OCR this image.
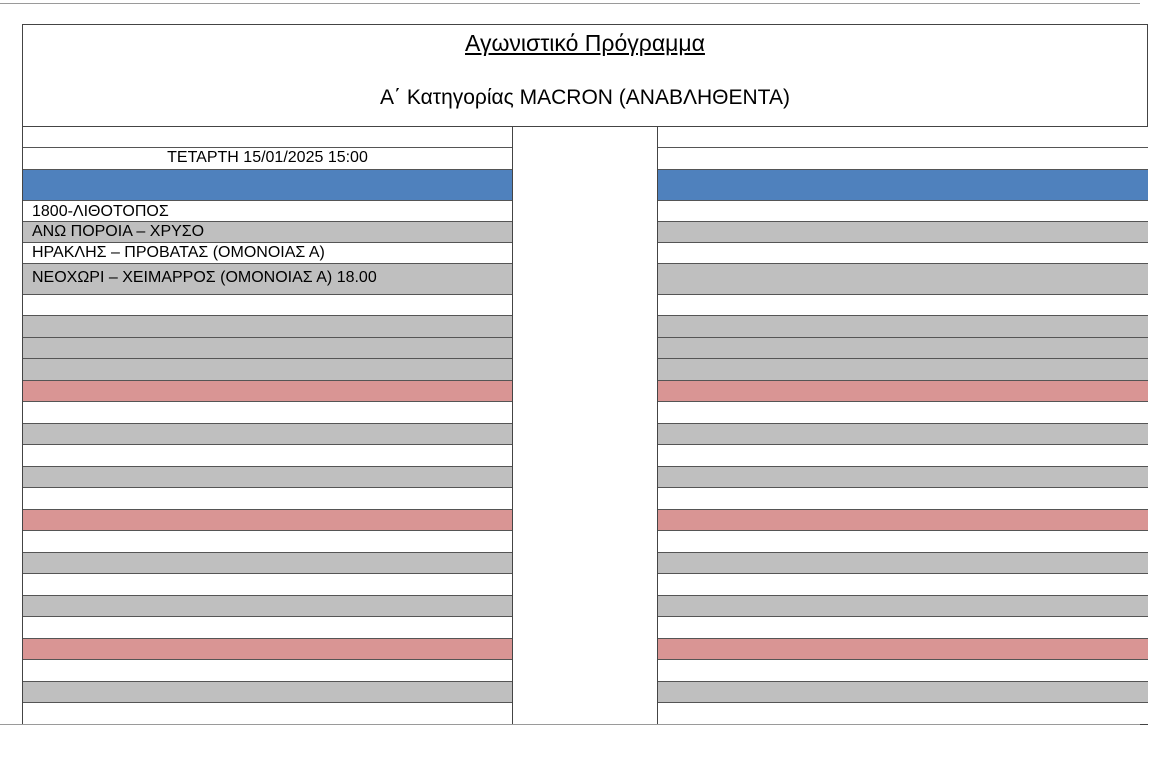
Αγωνιστικό Πρόγραμμα
Α΄ Κατηγορίας MACRON (ΑΝΑΒΛΗΘΕΝΤΑ)
ΤΕΤΑΡΤΗ 15/01/2025 15:00
1800-ΛΙΘΟΤΟΠΟΣ
ΑΝΩ ΠΟΡΟΙΑ – ΧΡΥΣΟ
ΗΡΑΚΛΗΣ – ΠΡΟΒΑΤΑΣ (ΟΜΟΝΟΙΑΣ Α)
ΝΕΟΧΩΡΙ – ΧΕΙΜΑΡΡΟΣ (ΟΜΟΝΟΙΑΣ Α) 18.00
